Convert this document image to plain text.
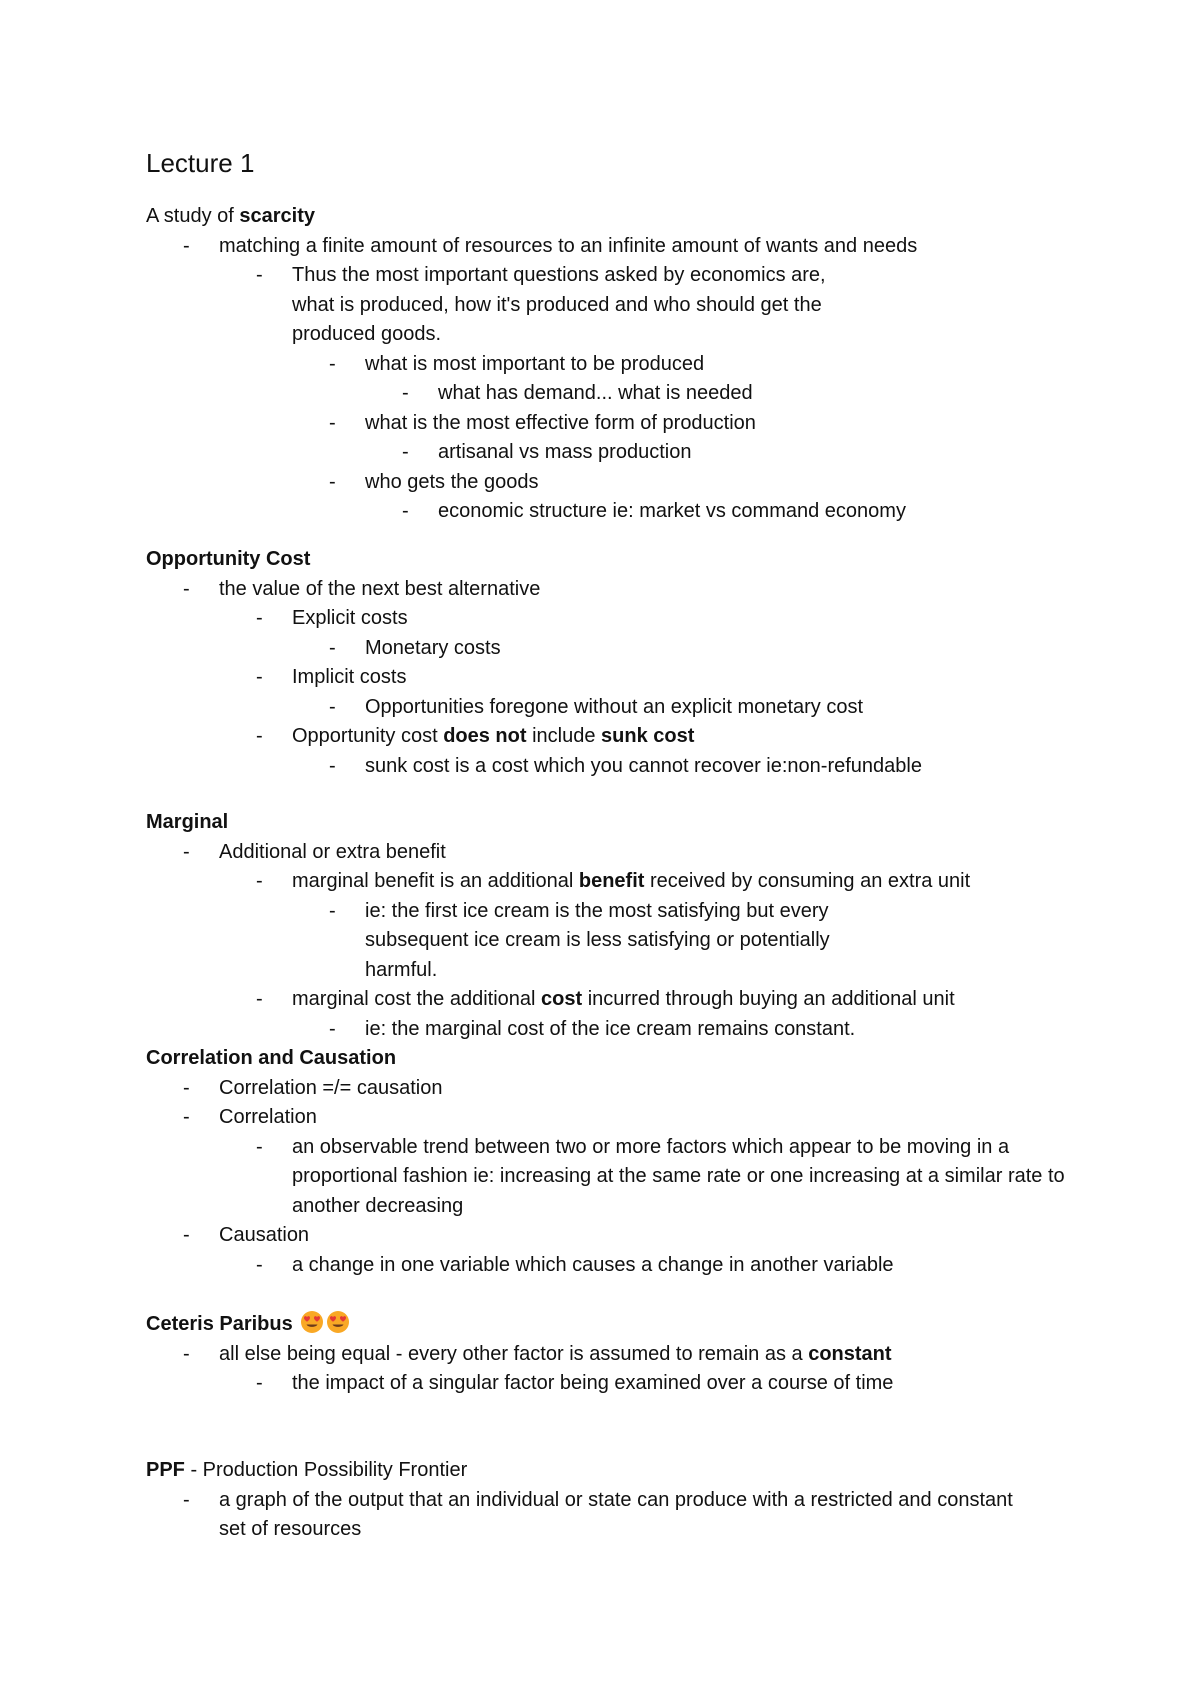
Lecture 1

A study of scarcity

- matching a finite amount of resources to an infinite amount of wants and needs
- Thus the most important questions asked by economics are, what is produced, how it's produced and who should get the produced goods.
- what is most important to be produced
- what has demand... what is needed
- what is the most effective form of production
- artisanal vs mass production
- who gets the goods
- economic structure ie: market vs command economy

Opportunity Cost

- the value of the next best alternative
- Explicit costs
- Monetary costs
- Implicit costs
- Opportunities foregone without an explicit monetary cost
- Opportunity cost does not include sunk cost
- sunk cost is a cost which you cannot recover ie:non-refundable

Marginal

- Additional or extra benefit
- marginal benefit is an additional benefit received by consuming an extra unit
- ie: the first ice cream is the most satisfying but every subsequent ice cream is less satisfying or potentially harmful.
- marginal cost the additional cost incurred through buying an additional unit
- ie: the marginal cost of the ice cream remains constant.

Correlation and Causation

- Correlation =/= causation
- Correlation
- an observable trend between two or more factors which appear to be moving in a proportional fashion ie: increasing at the same rate or one increasing at a similar rate to another decreasing
- Causation
- a change in one variable which causes a change in another variable

Ceteris Paribus

- all else being equal - every other factor is assumed to remain as a constant
- the impact of a singular factor being examined over a course of time

PPF - Production Possibility Frontier

- a graph of the output that an individual or state can produce with a restricted and constant set of resources
